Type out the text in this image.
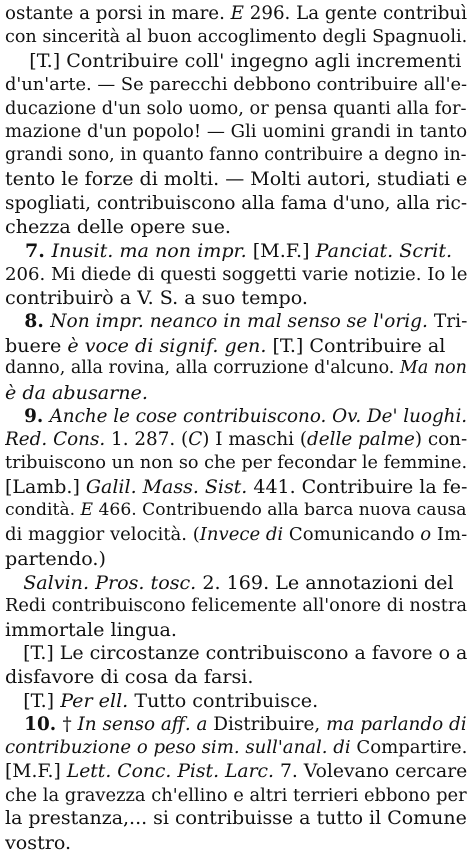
ostante a porsi in mare. E 296. La gente contribuì
con sincerità al buon accoglimento degli Spagnuoli.
[T.] Contribuire coll' ingegno agli incrementi
d'un'arte. — Se parecchi debbono contribuire all'e-
ducazione d'un solo uomo, or pensa quanti alla for-
mazione d'un popolo! — Gli uomini grandi in tanto
grandi sono, in quanto fanno contribuire a degno in-
tento le forze di molti. — Molti autori, studiati e
spogliati, contribuiscono alla fama d'uno, alla ric-
chezza delle opere sue.
7. Inusit. ma non impr. [M.F.] Panciat. Scrit.
206. Mi diede di questi soggetti varie notizie. Io le
contribuirò a V. S. a suo tempo.
8. Non impr. neanco in mal senso se l'orig. Tri-
buere è voce di signif. gen. [T.] Contribuire al
danno, alla rovina, alla corruzione d'alcuno. Ma non
è da abusarne.
9. Anche le cose contribuiscono. Ov. De' luoghi.
Red. Cons. 1. 287. (C) I maschi (delle palme) con-
tribuiscono un non so che per fecondar le femmine.
[Lamb.] Galil. Mass. Sist. 441. Contribuire la fe-
condità. E 466. Contribuendo alla barca nuova causa
di maggior velocità. (Invece di Comunicando o Im-
partendo.)
Salvin. Pros. tosc. 2. 169. Le annotazioni del
Redi contribuiscono felicemente all'onore di nostra
immortale lingua.
[T.] Le circostanze contribuiscono a favore o a
disfavore di cosa da farsi.
[T.] Per ell. Tutto contribuisce.
10. † In senso aff. a Distribuire, ma parlando di
contribuzione o peso sim. sull'anal. di Compartire.
[M.F.] Lett. Conc. Pist. Larc. 7. Volevano cercare
che la gravezza ch'ellino e altri terrieri ebbono per
la prestanza,... si contribuisse a tutto il Comune
vostro.
